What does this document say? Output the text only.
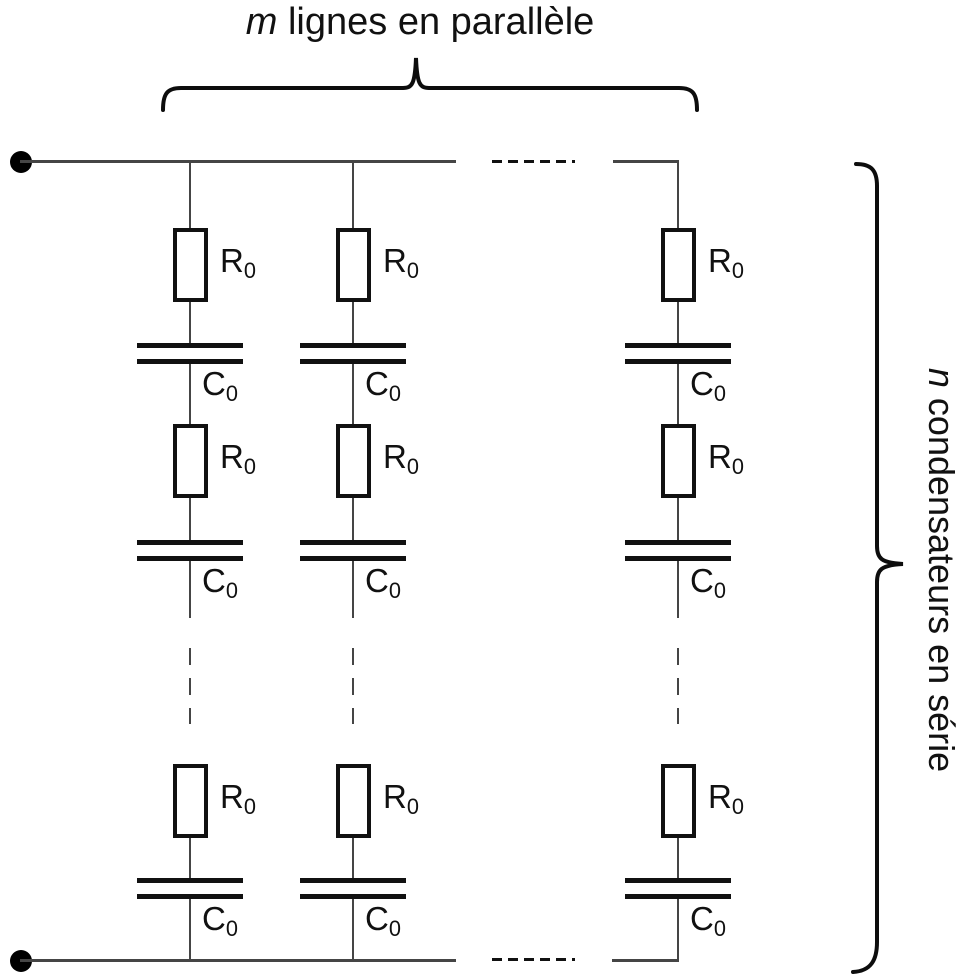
m lignes en parallèle
ncondensateurs en série
$R_0$
$C_0$
$R_0$
$C_0$
$R_0$
$C_0$
$R_0$
$C_0$
$R_0$
$C_0$
$R_0$
$C_0$
$R_0$
$C_0$
$R_0$
$C_0$
$R_0$
$C_0$
